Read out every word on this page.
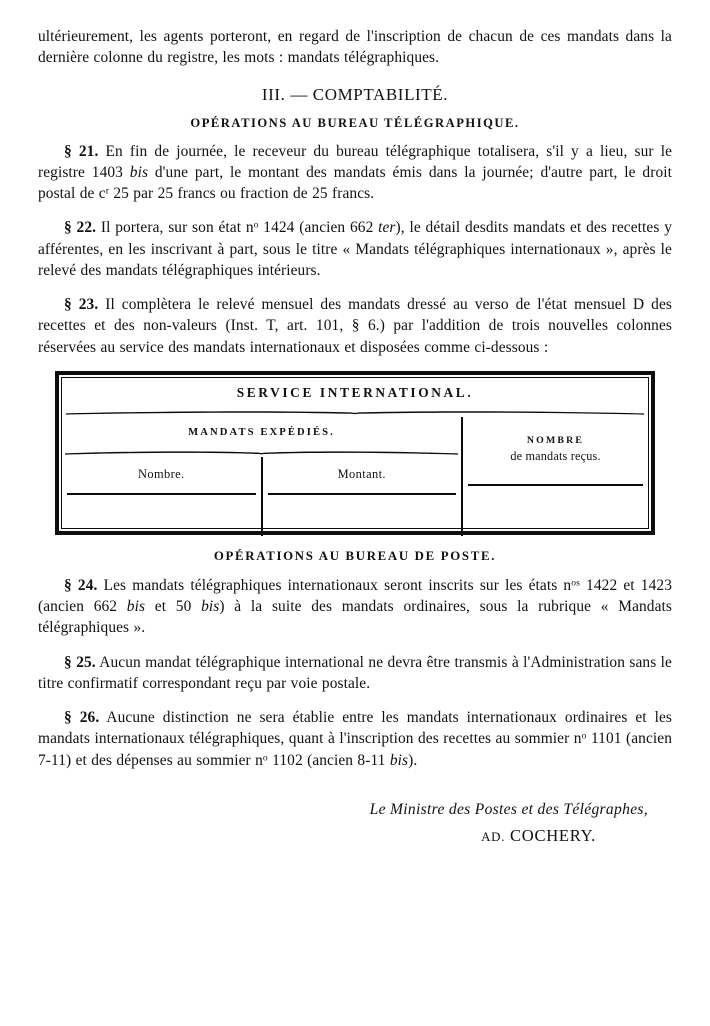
ultérieurement, les agents porteront, en regard de l'inscription de chacun de ces mandats dans la dernière colonne du registre, les mots : mandats télégraphiques.

III. — COMPTABILITÉ.
OPÉRATIONS AU BUREAU TÉLÉGRAPHIQUE.

§ 21. En fin de journée, le receveur du bureau télégraphique totalisera, s'il y a lieu, sur le registre 1403 bis d'une part, le montant des mandats émis dans la journée; d'autre part, le droit postal de $c^r$ 25 par 25 francs ou fraction de 25 francs.

§ 22. Il portera, sur son état $n^o$ 1424 (ancien 662 ter), le détail desdits mandats et des recettes y afférentes, en les inscrivant à part, sous le titre « Mandats télégraphiques internationaux », après le relevé des mandats télégraphiques intérieurs.

§ 23. Il complètera le relevé mensuel des mandats dressé au verso de l'état mensuel D des recettes et des non-valeurs (Inst. T, art. 101, § 6.) par l'addition de trois nouvelles colonnes réservées au service des mandats internationaux et disposées comme ci-dessous :

SERVICE INTERNATIONAL.
MANDATS EXPÉDIÉS.
Nombre.	Montant.
NOMBRE
de mandats reçus.
OPÉRATIONS AU BUREAU DE POSTE.

§ 24. Les mandats télégraphiques internationaux seront inscrits sur les états $n^{os}$ 1422 et 1423 (ancien 662 bis et 50 bis) à la suite des mandats ordinaires, sous la rubrique « Mandats télégraphiques ».

§ 25. Aucun mandat télégraphique international ne devra être transmis à l'Administration sans le titre confirmatif correspondant reçu par voie postale.

§ 26. Aucune distinction ne sera établie entre les mandats internationaux ordinaires et les mandats internationaux télégraphiques, quant à l'inscription des recettes au sommier $n^o$ 1101 (ancien 7-11) et des dépenses au sommier $n^o$ 1102 (ancien 8-11 bis).

Le Ministre des Postes et des Télégraphes,
AD. COCHERY.
